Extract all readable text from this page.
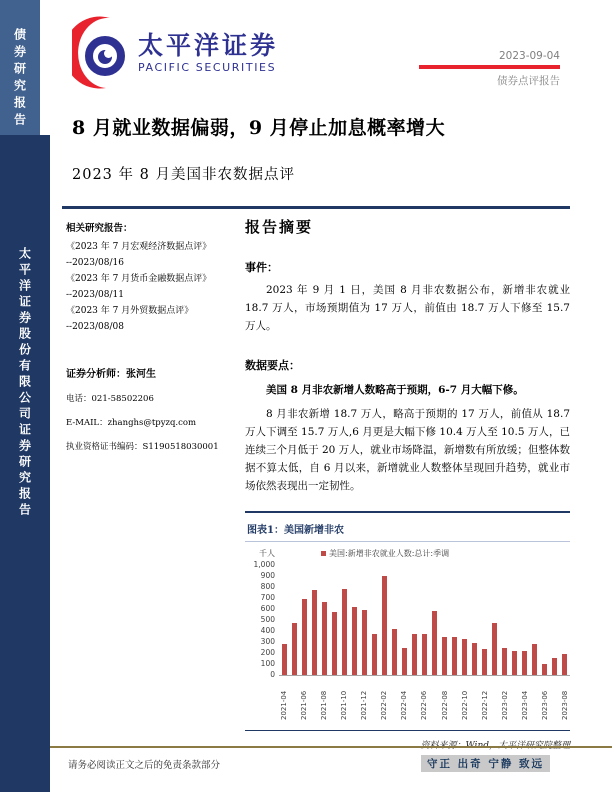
债券研究报告
太平洋证券股份有限公司证券研究报告
太平洋证券
PACIFIC SECURITIES
2023-09-04
债券点评报告
8 月就业数据偏弱，9 月停止加息概率增大
2023 年 8 月美国非农数据点评
相关研究报告：
《2023 年 7 月宏观经济数据点评》
--2023/08/16
《2023 年 7 月货币金融数据点评》
--2023/08/11
《2023 年 7 月外贸数据点评》
--2023/08/08
证券分析师：张河生
电话：021-58502206
E-MAIL：zhanghs@tpyzq.com
执业资格证书编码：S1190518030001
报告摘要
事件：
2023 年 9 月 1 日，美国 8 月非农数据公布，新增非农就业 18.7 万人，市场预期值为 17 万人，前值由 18.7 万人下修至 15.7 万人。
数据要点：
美国 8 月非农新增人数略高于预期，6-7 月大幅下修。
8 月非农新增 18.7 万人，略高于预期的 17 万人，前值从 18.7 万人下调至 15.7 万人,6 月更是大幅下修 10.4 万人至 10.5 万人，已连续三个月低于 20 万人，就业市场降温，新增数有所放缓；但整体数据不算太低，自 6 月以来，新增就业人数整体呈现回升趋势，就业市场依然表现出一定韧性。
图表1：美国新增非农
千人	美国:新增非农就业人数:总计:季调
1,000
900
800
700
600
500
400
300
200
100
0
2021-04 2021-06 2021-08 2021-10 2021-12 2022-02 2022-04 2022-06 2022-08 2022-10 2022-12 2023-02 2023-04 2023-06 2023-08
请务必阅读正文之后的免责条款部分	守正 出奇 宁静 致远
